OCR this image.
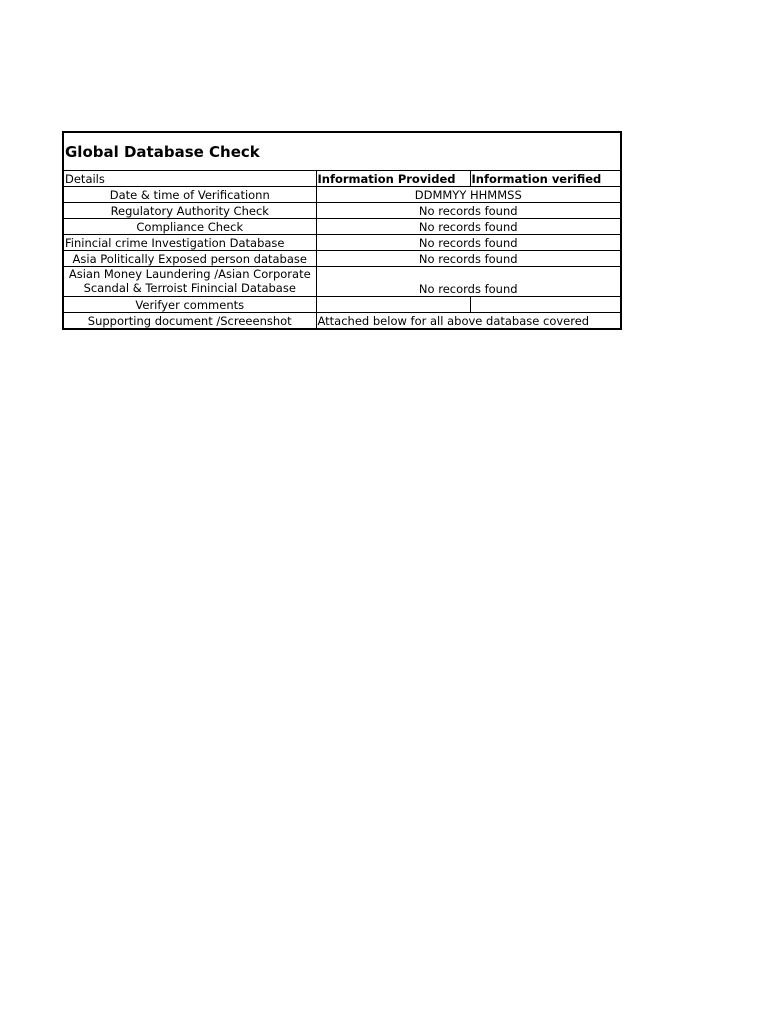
Global Database Check
Details	Information Provided	Information verified
Date & time of Verificationn	DDMMYY HHMMSS	
Regulatory Authority Check	No records found	
Compliance Check	No records found	
Finincial crime Investigation Database	No records found	
Asia Politically Exposed person database	No records found	

Asian Money Laundering /Asian Corporate
Scandal & Terroist Finincial Database	No records found	
Verifyer comments		
Supporting document /Screeenshot	Attached below for all above database covered	
